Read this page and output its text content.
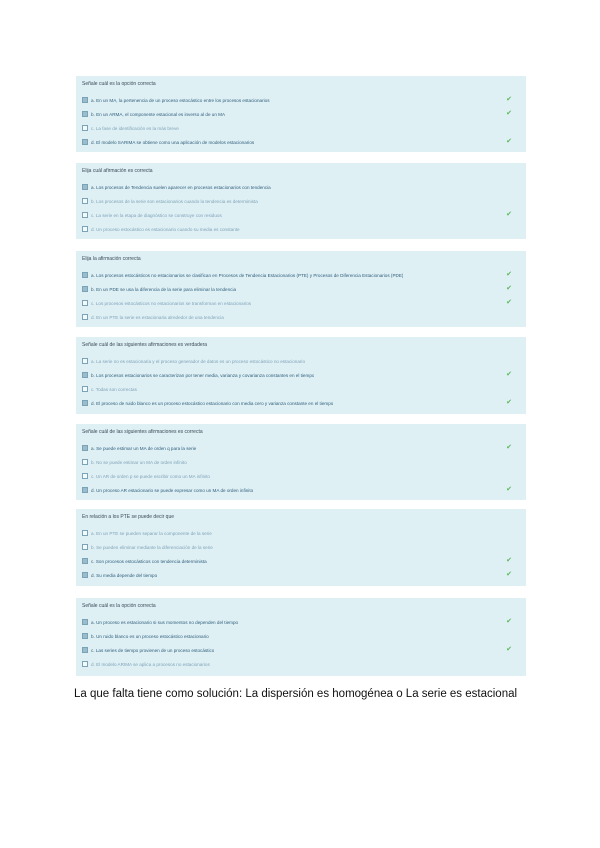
Señale cuál es la opción correcta
a. En un MA, la pertenencia de un proceso estocástico entre los procesos estacionarios	✔
b. En un ARMA, el componente estacional es inverso al de un MA	✔
c. La fase de identificación es la más breve
d. El modelo SARIMA se obtiene como una aplicación de modelos estacionarios	✔
Elija cuál afirmación es correcta
a. Los procesos de Tendencia suelen aparecer en procesos estacionarios con tendencia
b. Los procesos de la serie son estacionarios cuando la tendencia es determinista
c. La serie en la etapa de diagnóstico se construye con residuos	✔
d. Un proceso estocástico es estacionario cuando su media es constante
Elija la afirmación correcta
a. Los procesos estocásticos no estacionarios se clasifican en Procesos de Tendencia Estacionarios (PTE) y Procesos de Diferencia Estacionarios (PDE)	✔
b. En un PDE se usa la diferencia de la serie para eliminar la tendencia	✔
c. Los procesos estocásticos no estacionarios se transforman en estacionarios	✔
d. En un PTE la serie es estacionaria alrededor de una tendencia
Señale cuál de las siguientes afirmaciones es verdadera
a. La serie no es estacionaria y el proceso generador de datos es un proceso estocástico no estacionario
b. Los procesos estacionarios se caracterizan por tener media, varianza y covarianza constantes en el tiempo	✔
c. Todas son correctas
d. El proceso de ruido blanco es un proceso estocástico estacionario con media cero y varianza constante en el tiempo	✔
Señale cuál de las siguientes afirmaciones es correcta
a. Se puede estimar un MA de orden q para la serie	✔
b. No se puede estimar un MA de orden infinito
c. Un AR de orden p se puede escribir como un MA infinito
d. Un proceso AR estacionario se puede expresar como un MA de orden infinito	✔
En relación a los PTE se puede decir que
a. En un PTE se pueden separar la componente de la serie
b. Se pueden eliminar mediante la diferenciación de la serie
c. Son procesos estocásticos con tendencia determinista	✔
d. Su media depende del tiempo	✔
Señale cuál es la opción correcta
a. Un proceso es estacionario si sus momentos no dependen del tiempo	✔
b. Un ruido blanco es un proceso estocástico estacionario
c. Las series de tiempo provienen de un proceso estocástico	✔
d. El modelo ARIMA se aplica a procesos no estacionarios
La que falta tiene como solución: La dispersión es homogénea o La serie es estacional
